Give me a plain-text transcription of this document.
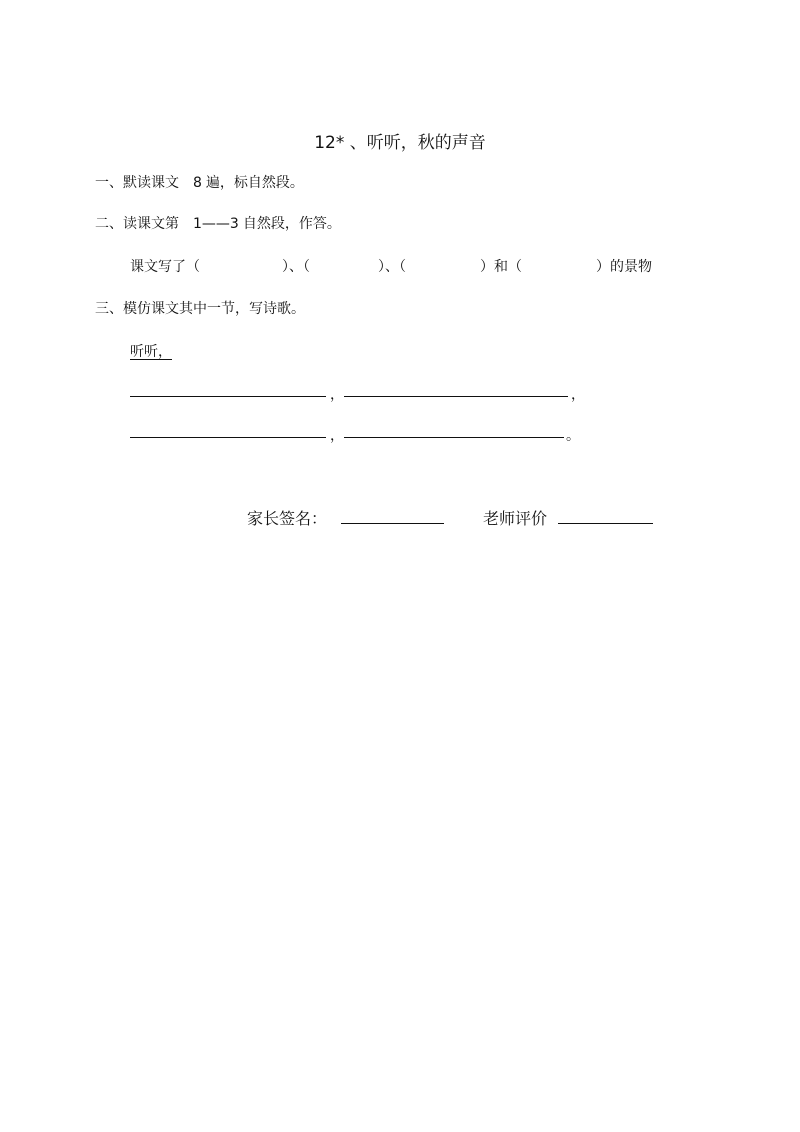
12* 、听听，秋的声音
一、默读课文 8 遍，标自然段。
二、读课文第 1——3 自然段，作答。
课文写了（	）、（	）、（	）和（	）的景物
三、模仿课文其中一节，写诗歌。
听听，
，	，
，	。
家长签名：	老师评价
